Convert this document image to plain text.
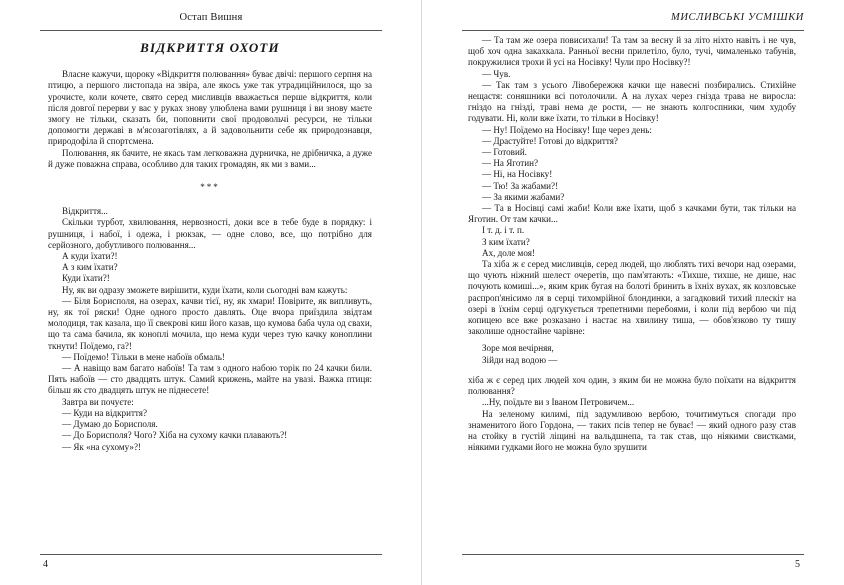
Остап Вишня
ВІДКРИТТЯ ОХОТИ

Власне кажучи, щороку «Відкриття полювання» буває двічі: першого серпня на птицю, а першого листопада на звіра, але якось уже так утрадиційнилося, що за урочисте, коли кочете, свято серед мисливців вважається перше відкриття, коли після довгої перерви у вас у руках знову улюблена вами рушниця і ви знову маєте змогу не тільки, сказать би, поповнити свої продовольчі ресурси, не тільки допомогти державі в м'ясозаготівлях, а й задовольнити себе як природознавця, природофіла й спортсмена.

Полювання, як бачите, не якась там легковажна дурничка, не дрібничка, а дуже й дуже поважна справа, особливо для таких громадян, як ми з вами...

***

Відкриття...

Скільки турбот, хвилювання, нервозності, доки все в тебе буде в порядку: і рушниця, і набої, і одежа, і рюкзак, — одне слово, все, що потрібно для серйозного, добутливого полювання...

А куди їхати?!

А з ким їхати?

Куди їхати?!

Ну, як ви одразу зможете вирішити, куди їхати, коли сьогодні вам кажуть:

— Біля Борисполя, на озерах, качви тієї, ну, як хмари! Повірите, як випливуть, ну, як тої ряски! Одне одного просто давлять. Оце вчора приїздила звідтам молодиця, так казала, що її свекрові киш його казав, що кумова баба чула од свахи, що та сама бачила, як коноплі мочила, що нема куди через тую качку коноплини ткнути! Поїдемо, га?!

— Поїдемо! Тільки в мене набоїв обмаль!

— А навіщо вам багато набоїв! Та там з одного набою торік по 24 качки били. Пять набоїв — сто двадцять штук. Самий крижень, майте на увазі. Важка птиця: більш як сто двадцять штук не піднесете!

Завтра ви почуєте:

— Куди на відкриття?

— Думаю до Борисполя.

— До Борисполя? Чого? Хіба на сухому качки плавають?!

— Як «на сухому»?!

4
МИСЛИВСЬКІ УСМІШКИ

— Та там же озера повисихали! Та там за весну й за літо ніхто навіть і не чув, щоб хоч одна закахкала. Ранньої весни прилетіло, було, тучі, чималенько табунів, покружилися трохи й усі на Носівку! Чули про Носівку?!

— Чув.

— Так там з усього Лівобережжя качки ще навесні позбирались. Стихійне нещастя: соняшники всі потолочили. А на лухах через гнізда трава не виросла: гніздо на гнізді, траві нема де рости, — не знають колгоспники, чим худобу годувати. Ні, коли вже їхати, то тільки в Носівку!

— Ну! Поїдемо на Носівку! Іще через день:

— Драстуйте! Готові до відкриття?

— Готовий.

— На Яготин?

— Ні, на Носівку!

— Тю! За жабами?!

— За якими жабами?

— Та в Носівці самі жаби! Коли вже їхати, щоб з качками бути, так тільки на Яготин. От там качки...

І т. д. і т. п.

З ким їхати?

Ах, доле моя!

Та хіба ж є серед мисливців, серед людей, що люблять тихі вечори над озерами, що чують ніжний шелест очеретів, що пам'ятають: «Тихше, тихше, не дише, нас почують комиші...», яким крик бугая на болоті бринить в їхніх вухах, як козловське распроп'янісимо ля в серці тихомрійної блондинки, а загадковий тихий плескіт на озері в їхнім серці одгукується трепетними перебоями, і коли під вербою чи під копицею все вже розказано і настає на хвилину тиша, — обов'язково ту тишу заколише одностайне чарівне:

Зоре моя вечірняя,

Зійди над водою —

хіба ж є серед цих людей хоч один, з яким би не можна було поїхати на відкриття полювання?

...Ну, поїдьте ви з Іваном Петровичем...

На зеленому килимі, під задумливою вербою, точитимуться спогади про знаменитого його Гордона, — таких псів тепер не буває! — який одного разу став на стойку в густій ліщині на вальдшнепа, та так став, що ніякими свистками, ніякими гудками його не можна було зрушити

5
